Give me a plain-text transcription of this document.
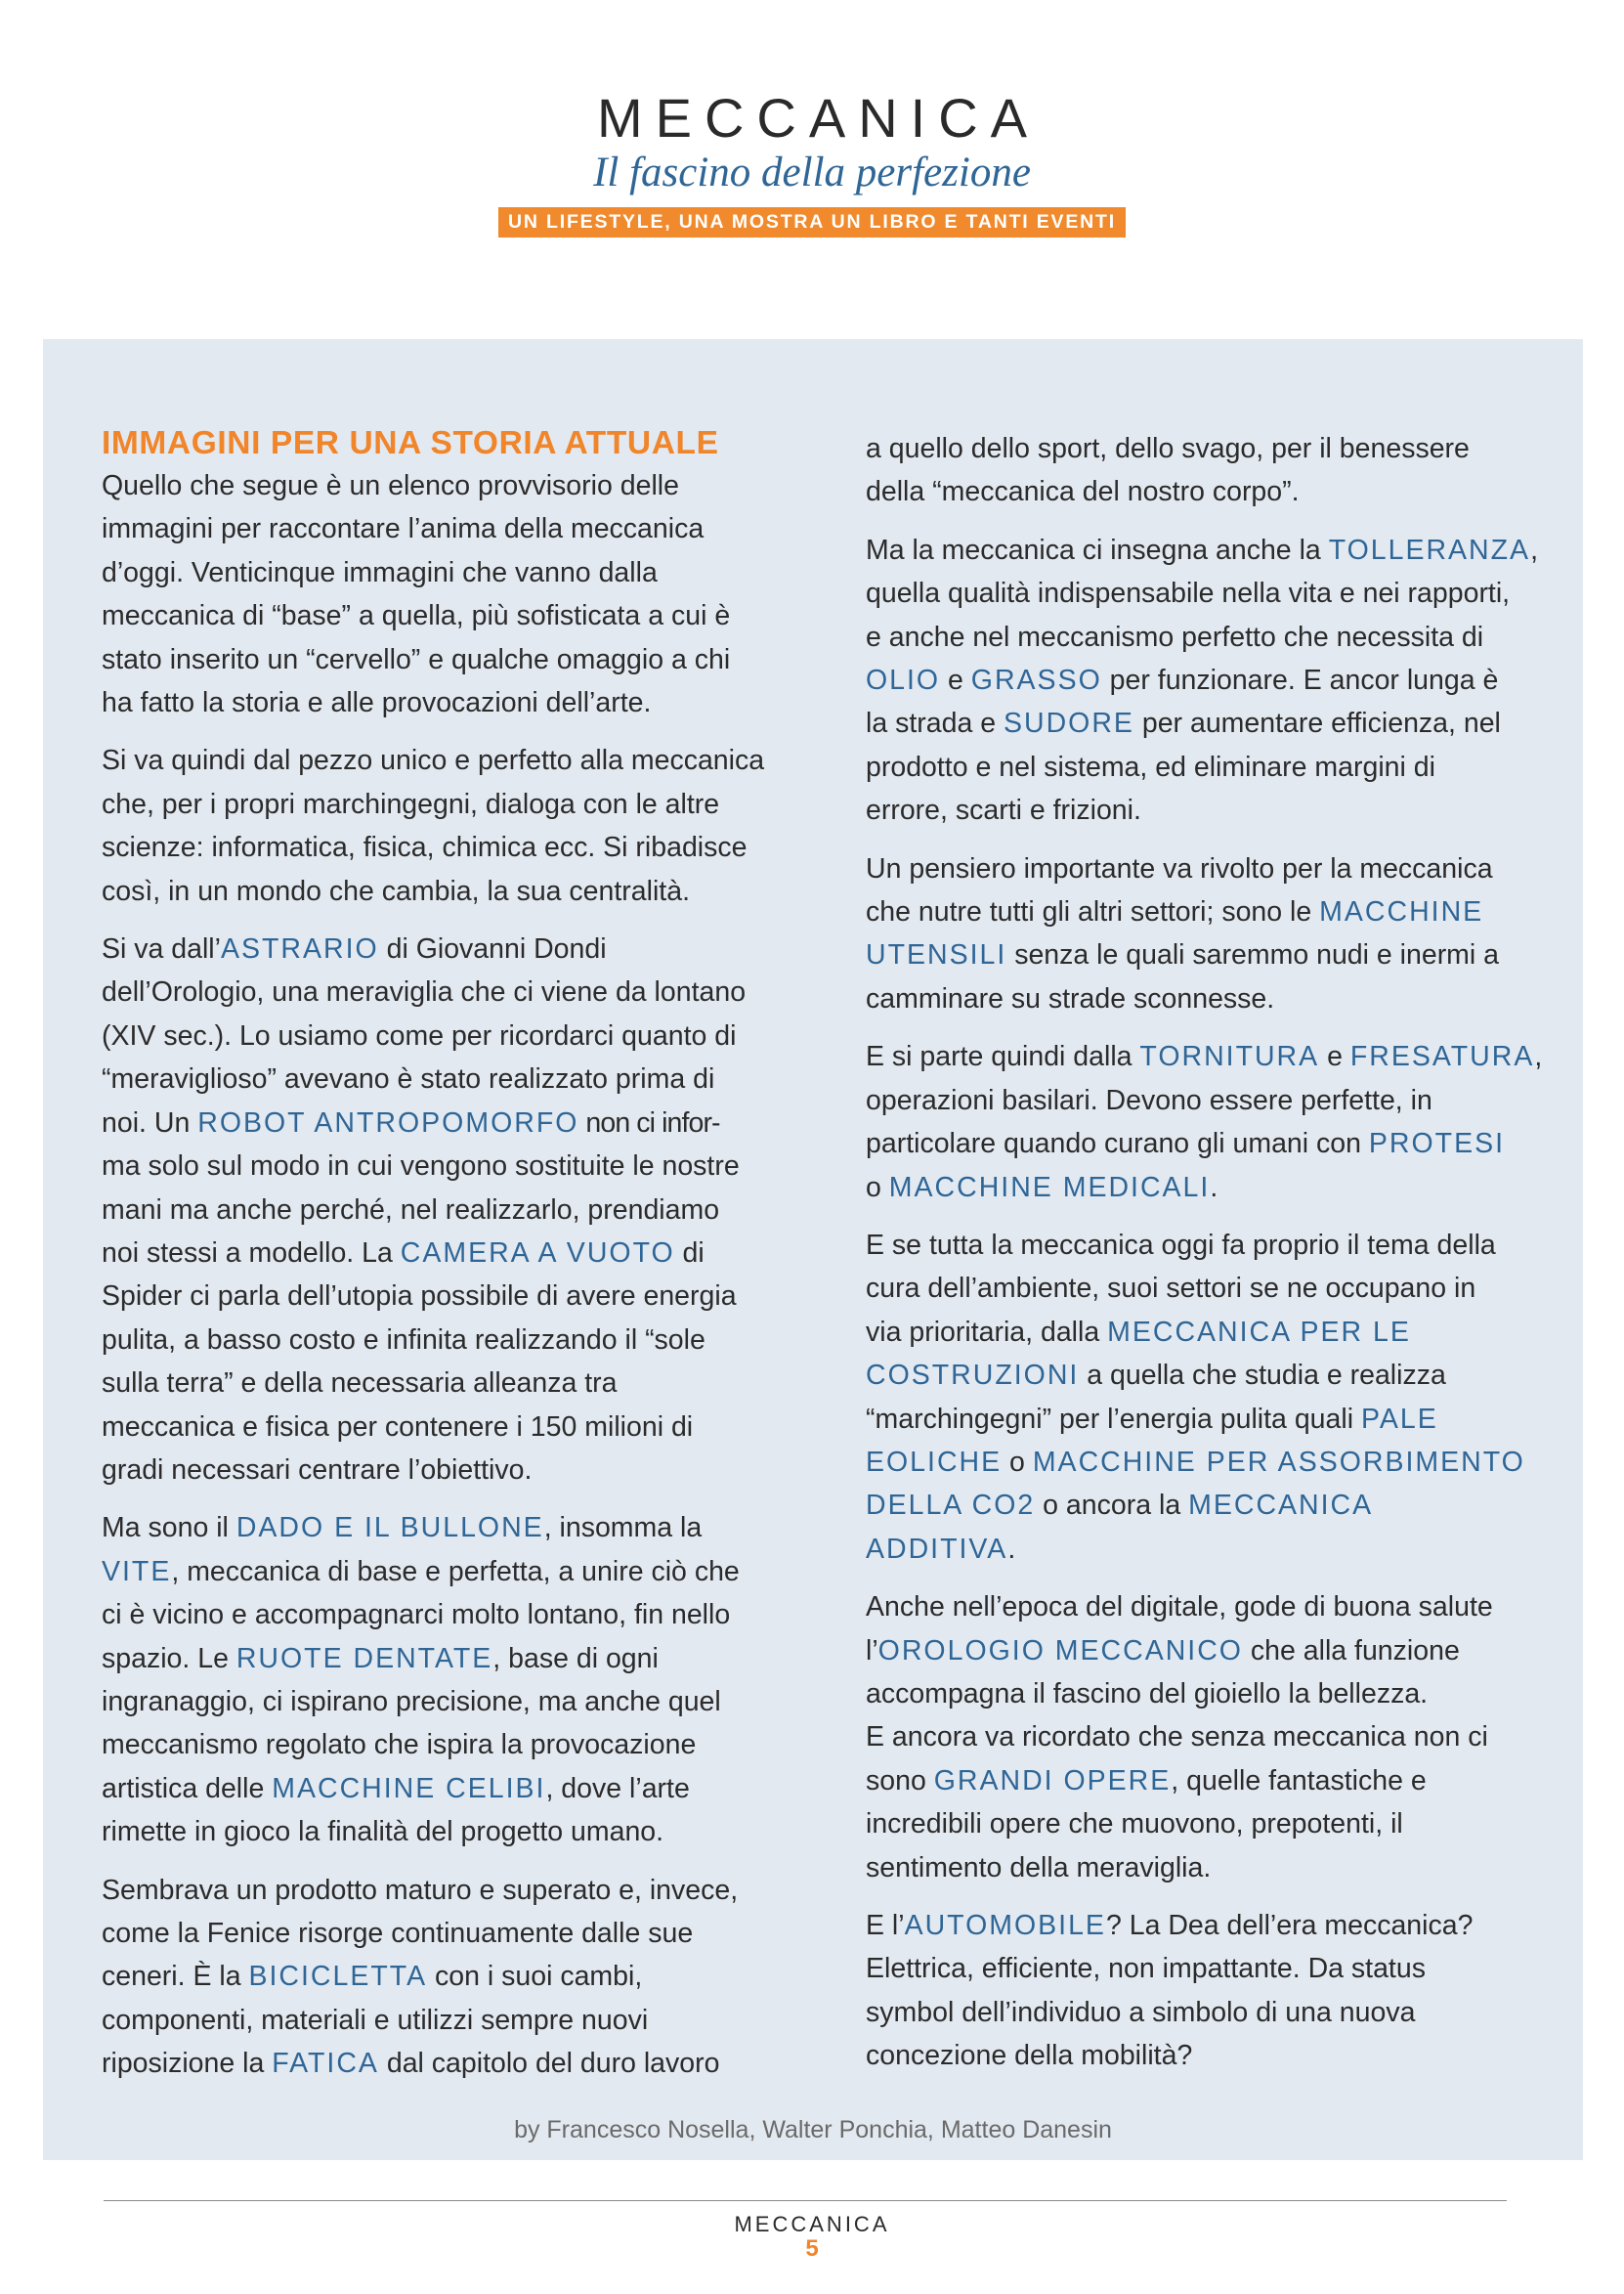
MECCANICA
Il fascino della perfezione
UN LIFESTYLE, UNA MOSTRA UN LIBRO E TANTI EVENTI
IMMAGINI PER UNA STORIA ATTUALE

Quello che segue è un elenco provvisorio delle
immagini per raccontare l’anima della meccanica
d’oggi. Venticinque immagini che vanno dalla
meccanica di “base” a quella, più sofisticata a cui è
stato inserito un “cervello” e qualche omaggio a chi
ha fatto la storia e alle provocazioni dell’arte.

Si va quindi dal pezzo unico e perfetto alla meccanica
che, per i propri marchingegni, dialoga con le altre
scienze: informatica, fisica, chimica ecc. Si ribadisce
così, in un mondo che cambia, la sua centralità.

Si va dall’ASTRARIO di Giovanni Dondi
dell’Orologio, una meraviglia che ci viene da lontano
(XIV sec.). Lo usiamo come per ricordarci quanto di
“meraviglioso” avevano è stato realizzato prima di
noi. Un ROBOT ANTROPOMORFO non ci infor-
ma solo sul modo in cui vengono sostituite le nostre
mani ma anche perché, nel realizzarlo, prendiamo
noi stessi a modello. La CAMERA A VUOTO di
Spider ci parla dell’utopia possibile di avere energia
pulita, a basso costo e infinita realizzando il “sole
sulla terra” e della necessaria alleanza tra
meccanica e fisica per contenere i 150 milioni di
gradi necessari centrare l’obiettivo.

Ma sono il DADO E IL BULLONE, insomma la
VITE, meccanica di base e perfetta, a unire ciò che
ci è vicino e accompagnarci molto lontano, fin nello
spazio. Le RUOTE DENTATE, base di ogni
ingranaggio, ci ispirano precisione, ma anche quel
meccanismo regolato che ispira la provocazione
artistica delle MACCHINE CELIBI, dove l’arte
rimette in gioco la finalità del progetto umano.

Sembrava un prodotto maturo e superato e, invece,
come la Fenice risorge continuamente dalle sue
ceneri. È la BICICLETTA con i suoi cambi,
componenti, materiali e utilizzi sempre nuovi
riposizione la FATICA dal capitolo del duro lavoro

a quello dello sport, dello svago, per il benessere
della “meccanica del nostro corpo”.

Ma la meccanica ci insegna anche la TOLLERANZA,
quella qualità indispensabile nella vita e nei rapporti,
e anche nel meccanismo perfetto che necessita di
OLIO e GRASSO per funzionare. E ancor lunga è
la strada e SUDORE per aumentare efficienza, nel
prodotto e nel sistema, ed eliminare margini di
errore, scarti e frizioni.

Un pensiero importante va rivolto per la meccanica
che nutre tutti gli altri settori; sono le MACCHINE
UTENSILI senza le quali saremmo nudi e inermi a
camminare su strade sconnesse.

E si parte quindi dalla TORNITURA e FRESATURA,
operazioni basilari. Devono essere perfette, in
particolare quando curano gli umani con PROTESI
o MACCHINE MEDICALI.

E se tutta la meccanica oggi fa proprio il tema della
cura dell’ambiente, suoi settori se ne occupano in
via prioritaria, dalla MECCANICA PER LE
COSTRUZIONI a quella che studia e realizza
“marchingegni” per l’energia pulita quali PALE
EOLICHE o MACCHINE PER ASSORBIMENTO
DELLA CO2 o ancora la MECCANICA
ADDITIVA.

Anche nell’epoca del digitale, gode di buona salute
l’OROLOGIO MECCANICO che alla funzione
accompagna il fascino del gioiello la bellezza.
E ancora va ricordato che senza meccanica non ci
sono GRANDI OPERE, quelle fantastiche e
incredibili opere che muovono, prepotenti, il
sentimento della meraviglia.

E l’AUTOMOBILE? La Dea dell’era meccanica?
Elettrica, efficiente, non impattante. Da status
symbol dell’individuo a simbolo di una nuova
concezione della mobilità?

by Francesco Nosella, Walter Ponchia, Matteo Danesin
MECCANICA
5
